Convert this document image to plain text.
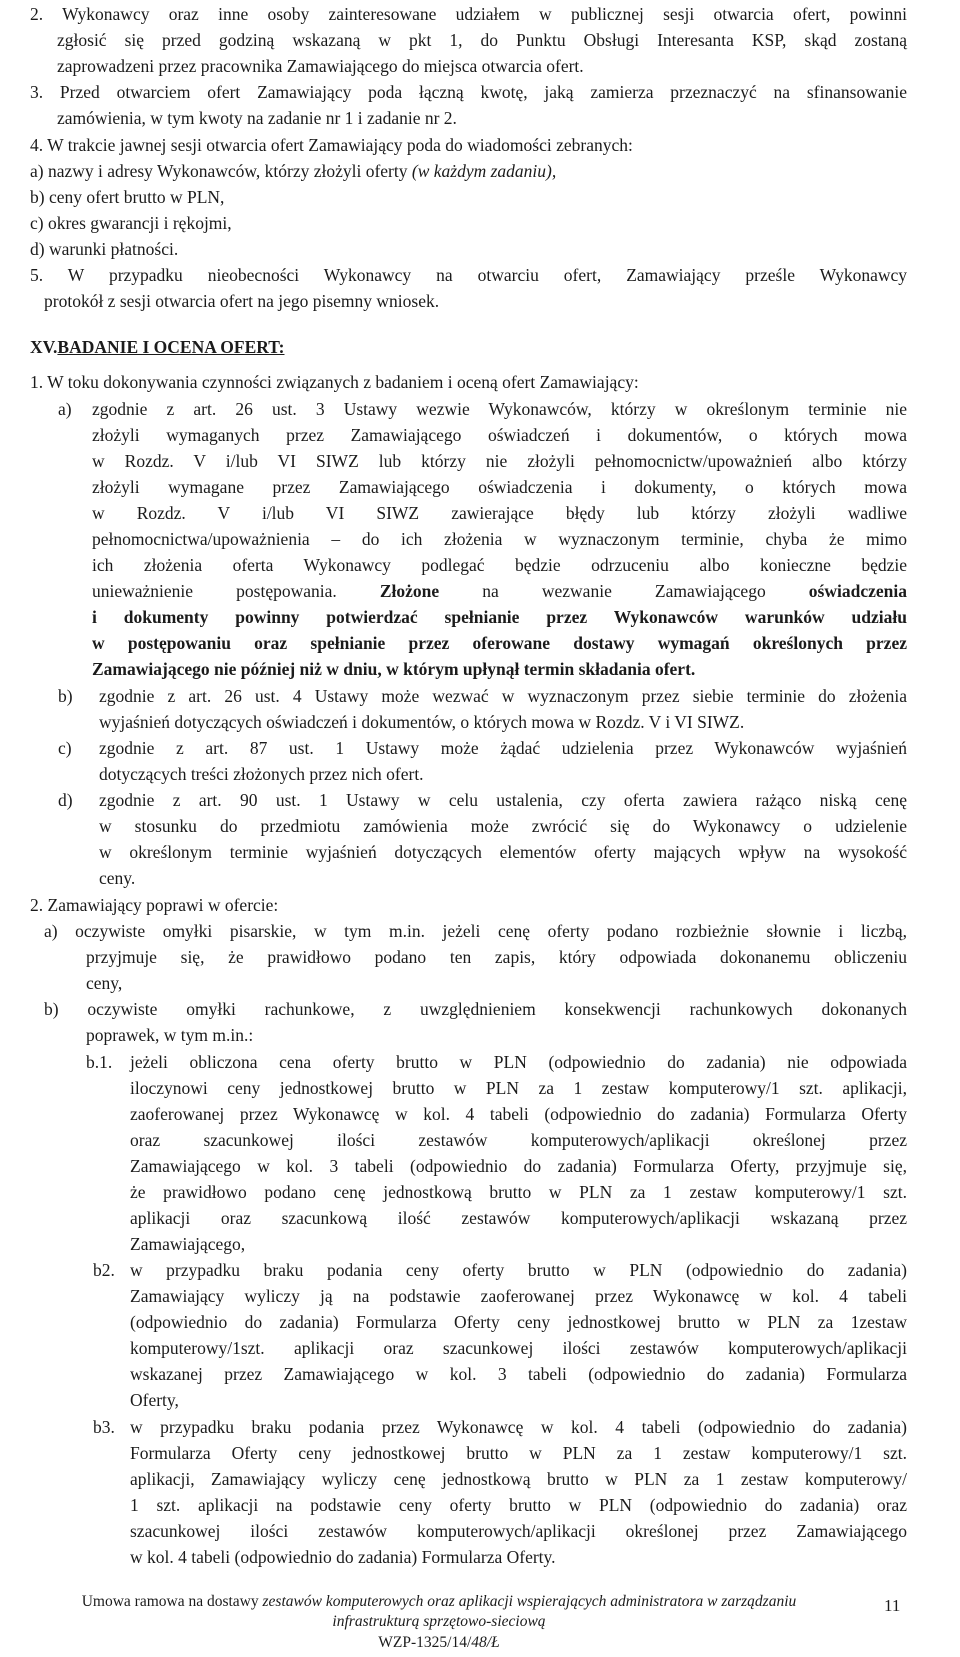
2. Wykonawcy oraz inne osoby zainteresowane udziałem w publicznej sesji otwarcia ofert, powinni
zgłosić się przed godziną wskazaną w pkt 1, do Punktu Obsługi Interesanta KSP, skąd zostaną
zaprowadzeni przez pracownika Zamawiającego do miejsca otwarcia ofert.
3. Przed otwarciem ofert Zamawiający poda łączną kwotę, jaką zamierza przeznaczyć na sfinansowanie
zamówienia, w tym kwoty na zadanie nr 1 i zadanie nr 2.
4. W trakcie jawnej sesji otwarcia ofert Zamawiający poda do wiadomości zebranych:
a) nazwy i adresy Wykonawców, którzy złożyli oferty (w każdym zadaniu),
b) ceny ofert brutto w PLN,
c) okres gwarancji i rękojmi,
d) warunki płatności.
5. W przypadku nieobecności Wykonawcy na otwarciu ofert, Zamawiający prześle Wykonawcy
protokół z sesji otwarcia ofert na jego pisemny wniosek.
XV.BADANIE I OCENA OFERT:
1. W toku dokonywania czynności związanych z badaniem i oceną ofert Zamawiający:
a) zgodnie z art. 26 ust. 3 Ustawy wezwie Wykonawców, którzy w określonym terminie nie
złożyli wymaganych przez Zamawiającego oświadczeń i dokumentów, o których mowa
w Rozdz. V i/lub VI SIWZ lub którzy nie złożyli pełnomocnictw/upoważnień albo którzy
złożyli wymagane przez Zamawiającego oświadczenia i dokumenty, o których mowa
w Rozdz. V i/lub VI SIWZ zawierające błędy lub którzy złożyli wadliwe
pełnomocnictwa/upoważnienia – do ich złożenia w wyznaczonym terminie, chyba że mimo
ich złożenia oferta Wykonawcy podlegać będzie odrzuceniu albo konieczne będzie
unieważnienie postępowania. Złożone na wezwanie Zamawiającego oświadczenia
i dokumenty powinny potwierdzać spełnianie przez Wykonawców warunków udziału
w postępowaniu oraz spełnianie przez oferowane dostawy wymagań określonych przez
Zamawiającego nie później niż w dniu, w którym upłynął termin składania ofert.
b) zgodnie z art. 26 ust. 4 Ustawy może wezwać w wyznaczonym przez siebie terminie do złożenia
wyjaśnień dotyczących oświadczeń i dokumentów, o których mowa w Rozdz. V i VI SIWZ.
c) zgodnie z art. 87 ust. 1 Ustawy może żądać udzielenia przez Wykonawców wyjaśnień
dotyczących treści złożonych przez nich ofert.
d) zgodnie z art. 90 ust. 1 Ustawy w celu ustalenia, czy oferta zawiera rażąco niską cenę
w stosunku do przedmiotu zamówienia może zwrócić się do Wykonawcy o udzielenie
w określonym terminie wyjaśnień dotyczących elementów oferty mających wpływ na wysokość
ceny.
2. Zamawiający poprawi w ofercie:
a) oczywiste omyłki pisarskie, w tym m.in. jeżeli cenę oferty podano rozbieżnie słownie i liczbą,
przyjmuje się, że prawidłowo podano ten zapis, który odpowiada dokonanemu obliczeniu
ceny,
b) oczywiste omyłki rachunkowe, z uwzględnieniem konsekwencji rachunkowych dokonanych
poprawek, w tym m.in.:
b.1. jeżeli obliczona cena oferty brutto w PLN (odpowiednio do zadania) nie odpowiada
iloczynowi ceny jednostkowej brutto w PLN za 1 zestaw komputerowy/1 szt. aplikacji,
zaoferowanej przez Wykonawcę w kol. 4 tabeli (odpowiednio do zadania) Formularza Oferty
oraz szacunkowej ilości zestawów komputerowych/aplikacji określonej przez
Zamawiającego w kol. 3 tabeli (odpowiednio do zadania) Formularza Oferty, przyjmuje się,
że prawidłowo podano cenę jednostkową brutto w PLN za 1 zestaw komputerowy/1 szt.
aplikacji oraz szacunkową ilość zestawów komputerowych/aplikacji wskazaną przez
Zamawiającego,
b2. w przypadku braku podania ceny oferty brutto w PLN (odpowiednio do zadania)
Zamawiający wyliczy ją na podstawie zaoferowanej przez Wykonawcę w kol. 4 tabeli
(odpowiednio do zadania) Formularza Oferty ceny jednostkowej brutto w PLN za 1zestaw
komputerowy/1szt. aplikacji oraz szacunkowej ilości zestawów komputerowych/aplikacji
wskazanej przez Zamawiającego w kol. 3 tabeli (odpowiednio do zadania) Formularza
Oferty,
b3. w przypadku braku podania przez Wykonawcę w kol. 4 tabeli (odpowiednio do zadania)
Formularza Oferty ceny jednostkowej brutto w PLN za 1 zestaw komputerowy/1 szt.
aplikacji, Zamawiający wyliczy cenę jednostkową brutto w PLN za 1 zestaw komputerowy/
1 szt. aplikacji na podstawie ceny oferty brutto w PLN (odpowiednio do zadania) oraz
szacunkowej ilości zestawów komputerowych/aplikacji określonej przez Zamawiającego
w kol. 4 tabeli (odpowiednio do zadania) Formularza Oferty.
Umowa ramowa na dostawy zestawów komputerowych oraz aplikacji wspierających administratora w zarządzaniu
infrastrukturą sprzętowo-sieciową
WZP-1325/14/48/Ł
11
